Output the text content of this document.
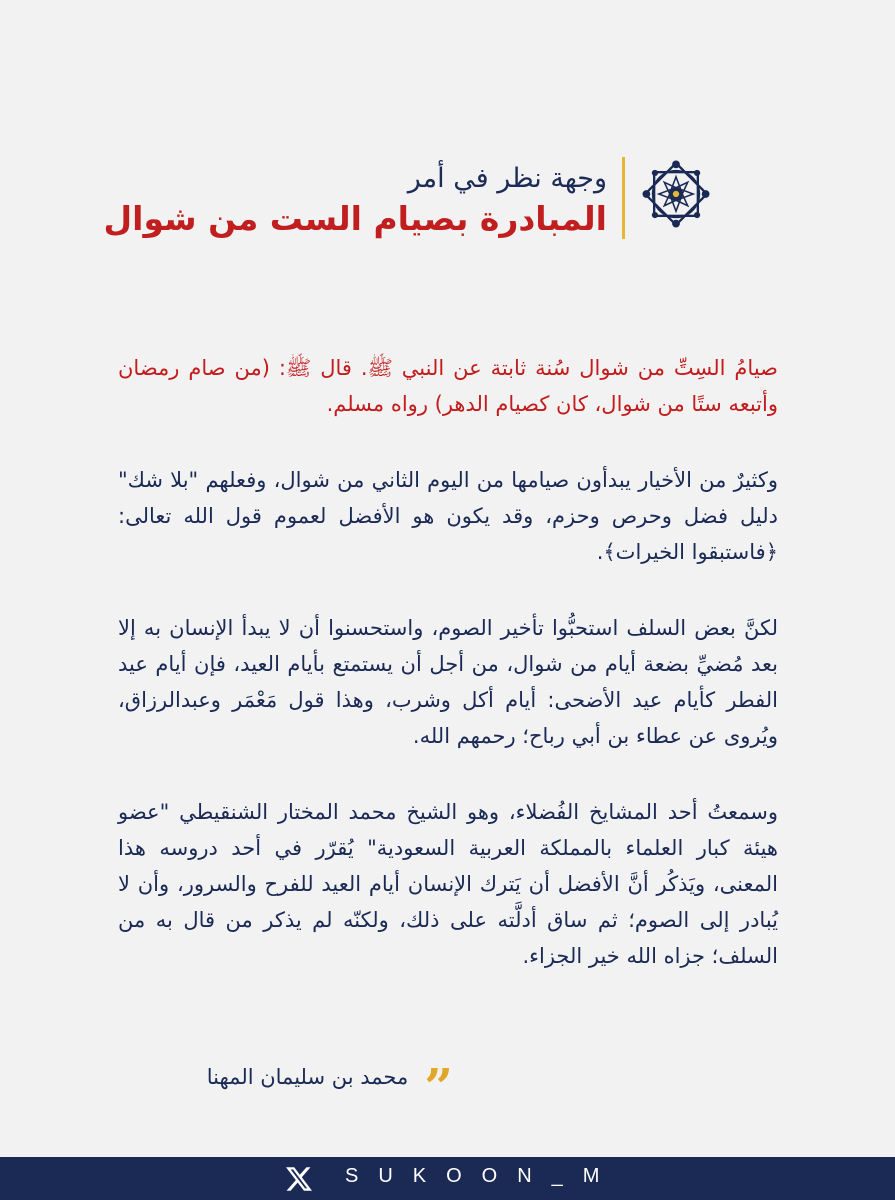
وجهة نظر في أمر
المبادرة بصيام الست من شوال

صيامُ السِتِّ من شوال سُنة ثابتة عن النبي ﷺ. قال ﷺ: (من صام رمضان وأتبعه ستًا من شوال، كان كصيام الدهر) رواه مسلم.

وكثيرٌ من الأخيار يبدأون صيامها من اليوم الثاني من شوال، وفعلهم "بلا شك" دليل فضل وحرص وحزم، وقد يكون هو الأفضل لعموم قول الله تعالى: ﴿فاستبقوا الخيرات﴾.

لكنَّ بعض السلف استحبُّوا تأخير الصوم، واستحسنوا أن لا يبدأ الإنسان به إلا بعد مُضيِّ بضعة أيام من شوال، من أجل أن يستمتع بأيام العيد، فإن أيام عيد الفطر كأيام عيد الأضحى: أيام أكل وشرب، وهذا قول مَعْمَر وعبدالرزاق، ويُروى عن عطاء بن أبي رباح؛ رحمهم الله.

وسمعتُ أحد المشايخ الفُضلاء، وهو الشيخ محمد المختار الشنقيطي "عضو هيئة كبار العلماء بالمملكة العربية السعودية" يُقرّر في أحد دروسه هذا المعنى، ويَذكُر أنَّ الأفضل أن يَترك الإنسان أيام العيد للفرح والسرور، وأن لا يُبادر إلى الصوم؛ ثم ساق أدلَّته على ذلك، ولكنّه لم يذكر من قال به من السلف؛ جزاه الله خير الجزاء.

”
محمد بن سليمان المهنا
SUKOON_M
